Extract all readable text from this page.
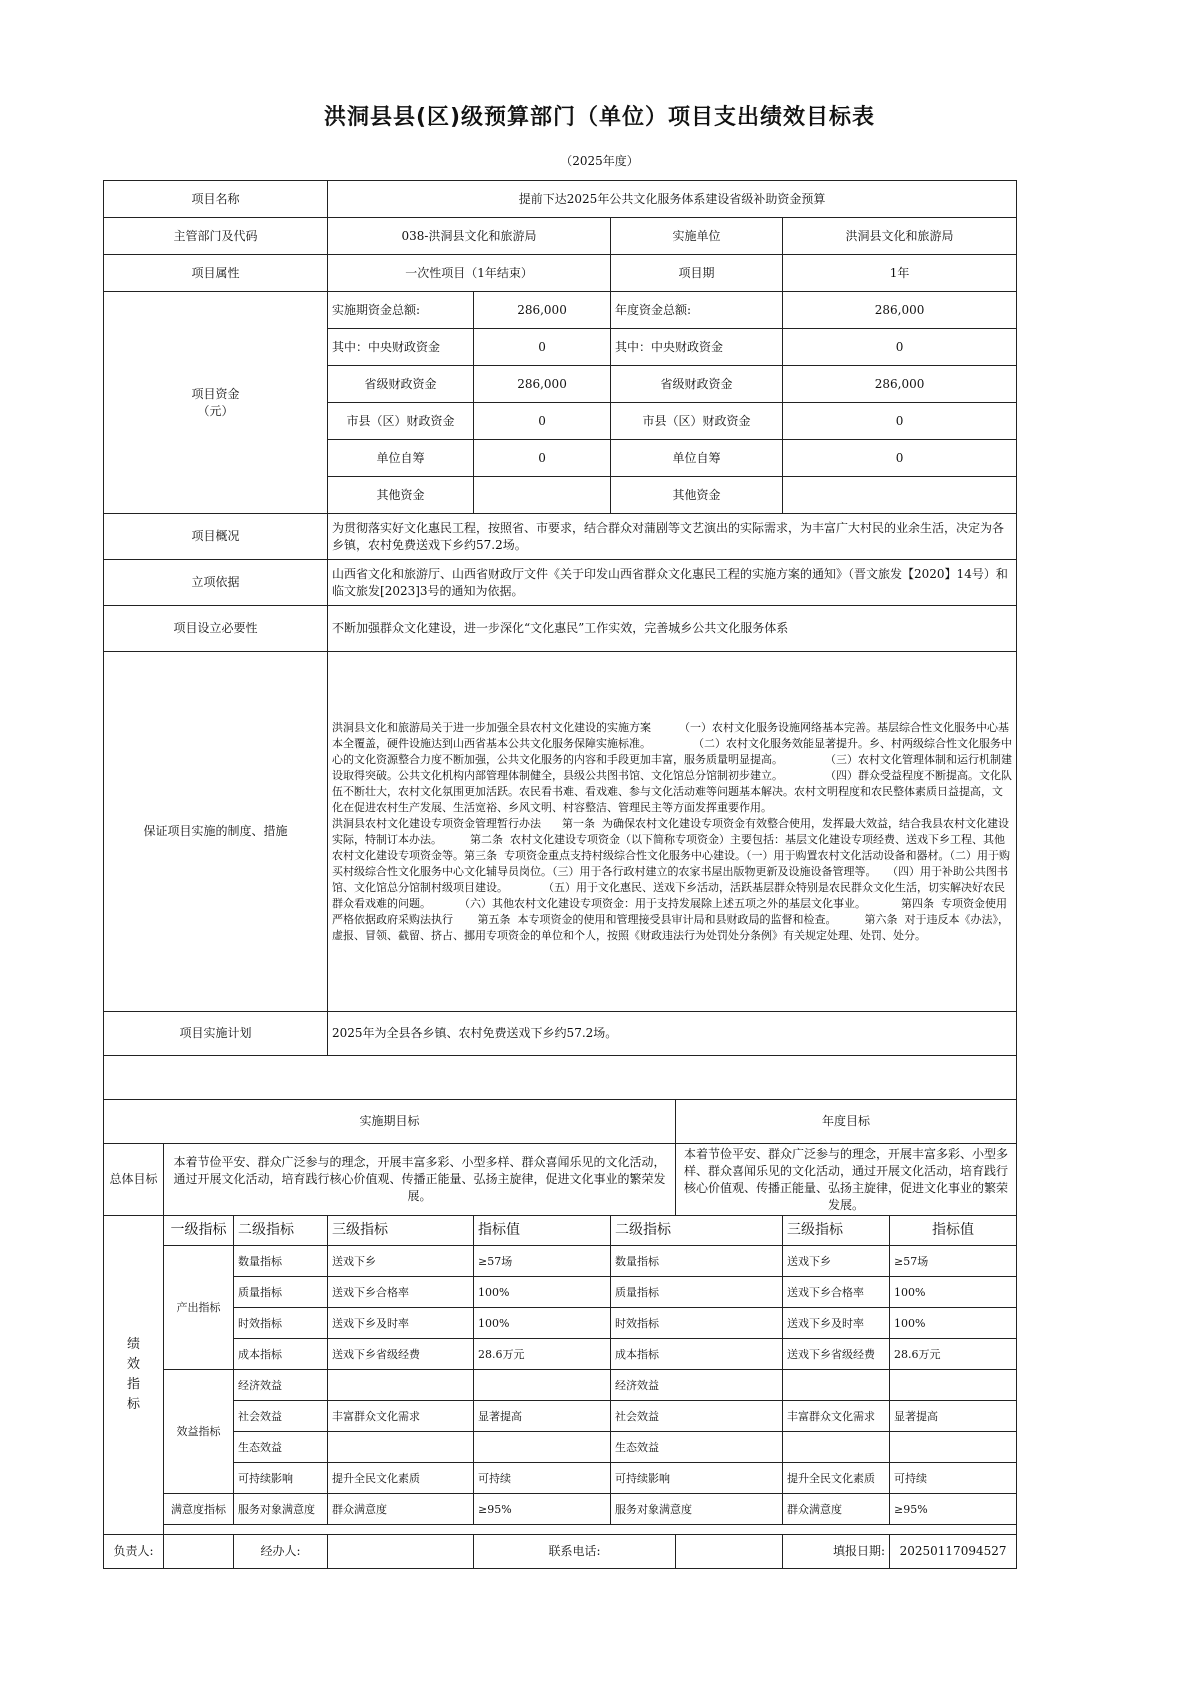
洪洞县县(区)级预算部门（单位）项目支出绩效目标表
（2025年度）
项目名称			提前下达2025年公共文化服务体系建设省级补助资金预算					
主管部门及代码			038-洪洞县文化和旅游局		实施单位		洪洞县文化和旅游局	
项目属性			一次性项目（1年结束）		项目期		1年	

项目资金
（元）			实施期资金总额:	286,000	年度资金总额:		286,000	
			其中：中央财政资金	0	其中：中央财政资金		0	
			省级财政资金	286,000	省级财政资金		286,000	
			市县（区）财政资金	0	市县（区）财政资金		0	
			单位自筹	0	单位自筹		0	
			其他资金		其他资金			
项目概况			为贯彻落实好文化惠民工程，按照省、市要求，结合群众对蒲剧等文艺演出的实际需求，为丰富广大村民的业余生活，决定为各乡镇，农村免费送戏下乡约57.2场。					
立项依据			山西省文化和旅游厅、山西省财政厅文件《关于印发山西省群众文化惠民工程的实施方案的通知》（晋文旅发【2020】14号）和临文旅发[2023]3号的通知为依据。					
项目设立必要性			不断加强群众文化建设，进一步深化“文化惠民”工作实效，完善城乡公共文化服务体系					
保证项目实施的制度、措施			洪洞县文化和旅游局关于进一步加强全县农村文化建设的实施方案        （一）农村文化服务设施网络基本完善。基层综合性文化服务中心基本全覆盖，硬件设施达到山西省基本公共文化服务保障实施标准。            （二）农村文化服务效能显著提升。乡、村两级综合性文化服务中心的文化资源整合力度不断加强，公共文化服务的内容和手段更加丰富，服务质量明显提高。            （三）农村文化管理体制和运行机制建设取得突破。公共文化机构内部管理体制健全，县级公共图书馆、文化馆总分馆制初步建立。            （四）群众受益程度不断提高。文化队伍不断壮大，农村文化氛围更加活跃。农民看书难、看戏难、参与文化活动难等问题基本解决。农村文明程度和农民整体素质日益提高，文化在促进农村生产发展、生活宽裕、乡风文明、村容整洁、管理民主等方面发挥重要作用。
洪洞县农村文化建设专项资金管理暂行办法      第一条  为确保农村文化建设专项资金有效整合使用，发挥最大效益，结合我县农村文化建设实际，特制订本办法。        第二条  农村文化建设专项资金（以下简称专项资金）主要包括：基层文化建设专项经费、送戏下乡工程、其他农村文化建设专项资金等。第三条  专项资金重点支持村级综合性文化服务中心建设。（一）用于购置农村文化活动设备和器材。（二）用于购买村级综合性文化服务中心文化辅导员岗位。（三）用于各行政村建立的农家书屋出版物更新及设施设备管理等。   （四）用于补助公共图书馆、文化馆总分馆制村级项目建设。          （五）用于文化惠民、送戏下乡活动，活跃基层群众特别是农民群众文化生活，切实解决好农民群众看戏难的问题。        （六）其他农村文化建设专项资金：用于支持发展除上述五项之外的基层文化事业。          第四条  专项资金使用严格依据政府采购法执行       第五条  本专项资金的使用和管理接受县审计局和县财政局的监督和检查。        第六条  对于违反本《办法》，虚报、冒领、截留、挤占、挪用专项资金的单位和个人，按照《财政违法行为处罚处分条例》有关规定处理、处罚、处分。					
项目实施计划			2025年为全县各乡镇、农村免费送戏下乡约57.2场。					

实施期目标						年度目标		
总体目标	本着节俭平安、群众广泛参与的理念，开展丰富多彩、小型多样、群众喜闻乐见的文化活动，通过开展文化活动，培育践行核心价值观、传播正能量、弘扬主旋律，促进文化事业的繁荣发展。					本着节俭平安、群众广泛参与的理念，开展丰富多彩、小型多样、群众喜闻乐见的文化活动，通过开展文化活动，培育践行核心价值观、传播正能量、弘扬主旋律，促进文化事业的繁荣发展。		

绩
效
指
标	一级指标	二级指标	三级指标	指标值	二级指标		三级指标	指标值
	产出指标	数量指标	送戏下乡	≥57场	数量指标		送戏下乡	≥57场
		质量指标	送戏下乡合格率	100%	质量指标		送戏下乡合格率	100%
		时效指标	送戏下乡及时率	100%	时效指标		送戏下乡及时率	100%
		成本指标	送戏下乡省级经费	28.6万元	成本指标		送戏下乡省级经费	28.6万元
	效益指标	经济效益			经济效益			
		社会效益	丰富群众文化需求	显著提高	社会效益		丰富群众文化需求	显著提高
		生态效益			生态效益			
		可持续影响	提升全民文化素质	可持续	可持续影响		提升全民文化素质	可持续
	满意度指标	服务对象满意度	群众满意度	≥95%	服务对象满意度		群众满意度	≥95%

负责人:		经办人:		联系电话:			填报日期:	20250117094527
